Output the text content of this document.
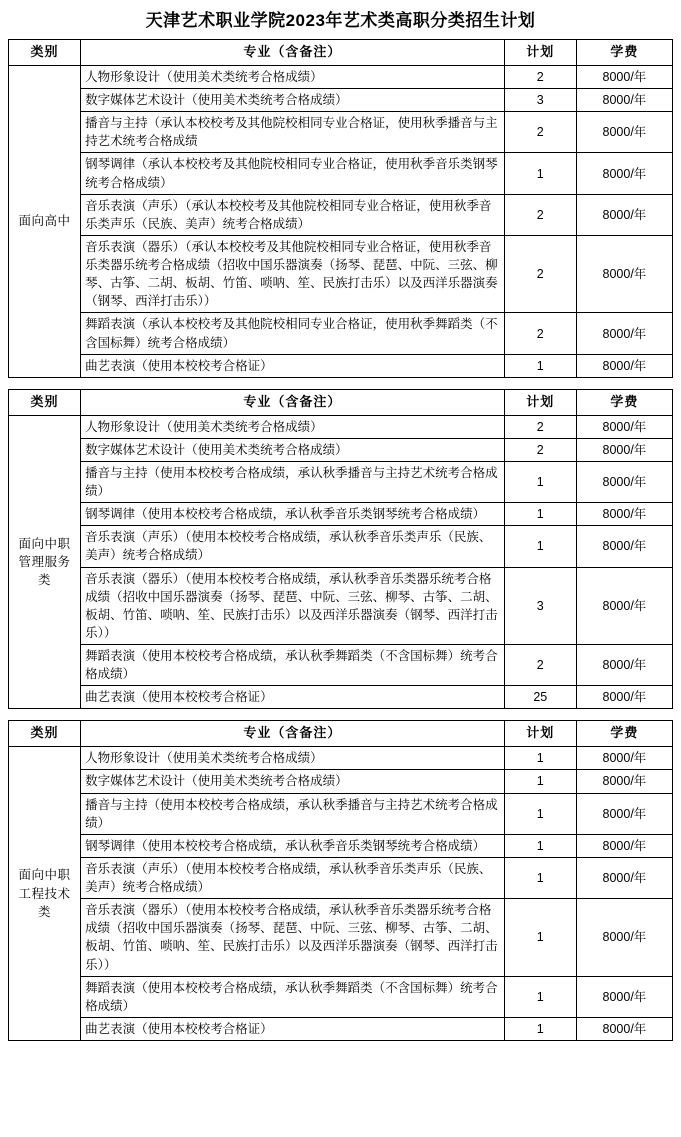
天津艺术职业学院2023年艺术类高职分类招生计划
类别	专业（含备注）	计划	学费
面向高中	人物形象设计（使用美术类统考合格成绩）	2	8000/年
	数字媒体艺术设计（使用美术类统考合格成绩）	3	8000/年
	播音与主持（承认本校校考及其他院校相同专业合格证，使用秋季播音与主持艺术统考合格成绩	2	8000/年
	钢琴调律（承认本校校考及其他院校相同专业合格证，使用秋季音乐类钢琴统考合格成绩）	1	8000/年
	音乐表演（声乐）（承认本校校考及其他院校相同专业合格证，使用秋季音乐类声乐（民族、美声）统考合格成绩）	2	8000/年
	音乐表演（器乐）（承认本校校考及其他院校相同专业合格证，使用秋季音乐类器乐统考合格成绩（招收中国乐器演奏（扬琴、琵琶、中阮、三弦、柳琴、古筝、二胡、板胡、竹笛、唢呐、笙、民族打击乐）以及西洋乐器演奏（钢琴、西洋打击乐））	2	8000/年
	舞蹈表演（承认本校校考及其他院校相同专业合格证，使用秋季舞蹈类（不含国标舞）统考合格成绩）	2	8000/年
	曲艺表演（使用本校校考合格证）	1	8000/年
类别	专业（含备注）	计划	学费
面向中职管理服务类	人物形象设计（使用美术类统考合格成绩）	2	8000/年
	数字媒体艺术设计（使用美术类统考合格成绩）	2	8000/年
	播音与主持（使用本校校考合格成绩，承认秋季播音与主持艺术统考合格成绩）	1	8000/年
	钢琴调律（使用本校校考合格成绩，承认秋季音乐类钢琴统考合格成绩）	1	8000/年
	音乐表演（声乐）（使用本校校考合格成绩，承认秋季音乐类声乐（民族、美声）统考合格成绩）	1	8000/年
	音乐表演（器乐）（使用本校校考合格成绩，承认秋季音乐类器乐统考合格成绩（招收中国乐器演奏（扬琴、琵琶、中阮、三弦、柳琴、古筝、二胡、板胡、竹笛、唢呐、笙、民族打击乐）以及西洋乐器演奏（钢琴、西洋打击乐））	3	8000/年
	舞蹈表演（使用本校校考合格成绩，承认秋季舞蹈类（不含国标舞）统考合格成绩）	2	8000/年
	曲艺表演（使用本校校考合格证）	25	8000/年
类别	专业（含备注）	计划	学费
面向中职工程技术类	人物形象设计（使用美术类统考合格成绩）	1	8000/年
	数字媒体艺术设计（使用美术类统考合格成绩）	1	8000/年
	播音与主持（使用本校校考合格成绩，承认秋季播音与主持艺术统考合格成绩）	1	8000/年
	钢琴调律（使用本校校考合格成绩，承认秋季音乐类钢琴统考合格成绩）	1	8000/年
	音乐表演（声乐）（使用本校校考合格成绩，承认秋季音乐类声乐（民族、美声）统考合格成绩）	1	8000/年
	音乐表演（器乐）（使用本校校考合格成绩，承认秋季音乐类器乐统考合格成绩（招收中国乐器演奏（扬琴、琵琶、中阮、三弦、柳琴、古筝、二胡、板胡、竹笛、唢呐、笙、民族打击乐）以及西洋乐器演奏（钢琴、西洋打击乐））	1	8000/年
	舞蹈表演（使用本校校考合格成绩，承认秋季舞蹈类（不含国标舞）统考合格成绩）	1	8000/年
	曲艺表演（使用本校校考合格证）	1	8000/年
